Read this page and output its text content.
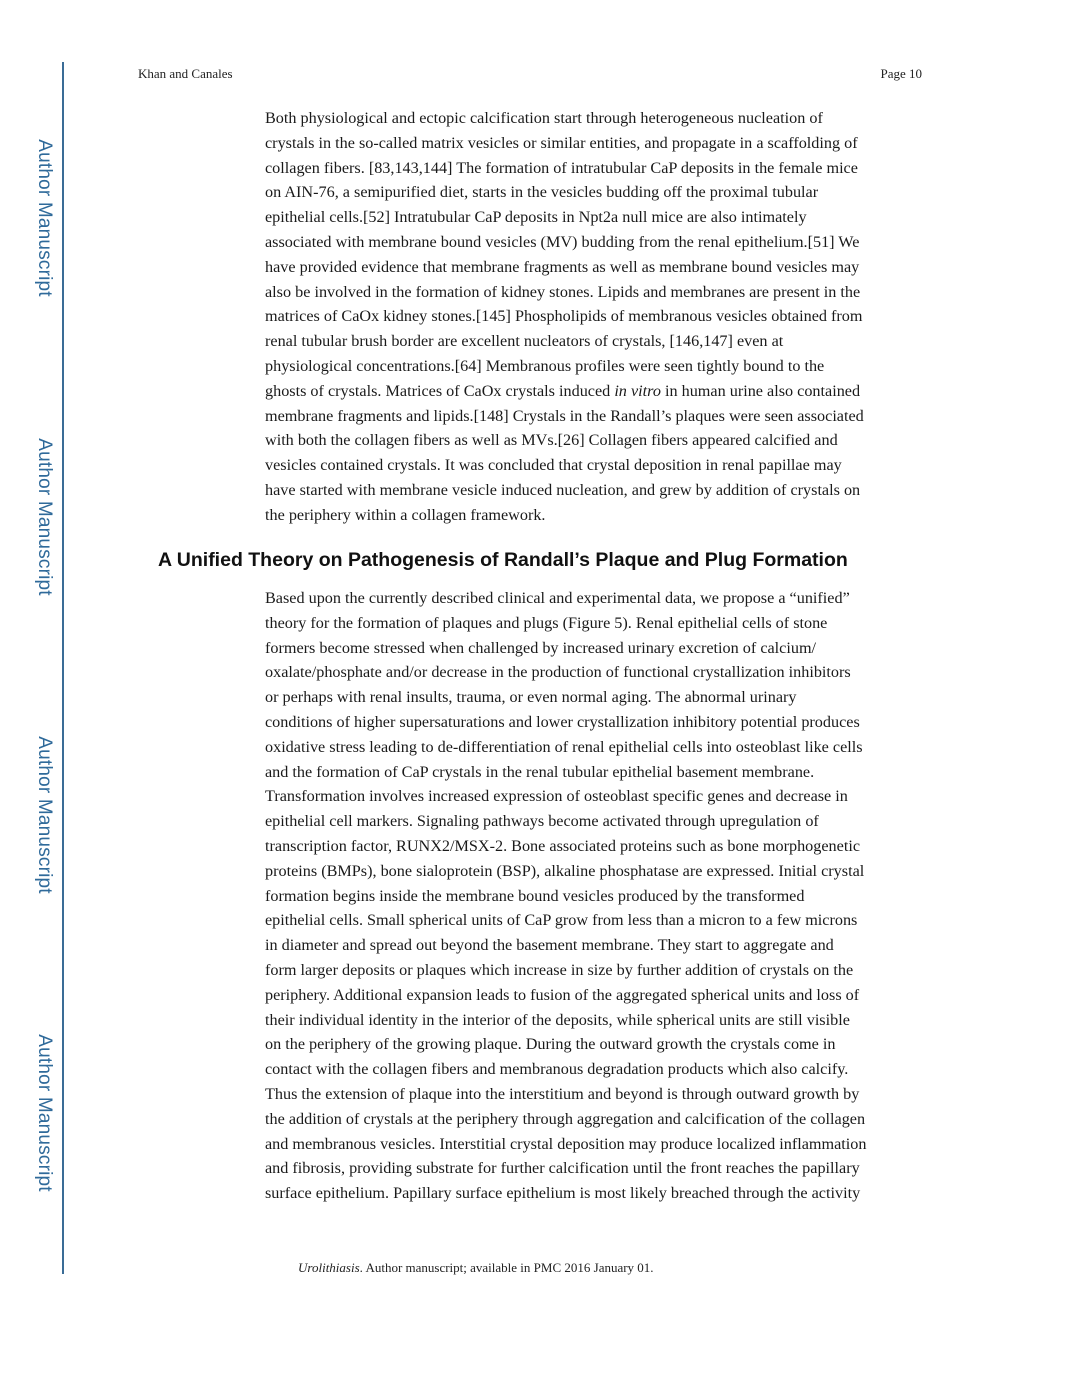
Author Manuscript
Author Manuscript
Author Manuscript
Author Manuscript
Khan and Canales	Page 10
Both physiological and ectopic calcification start through heterogeneous nucleation of
crystals in the so-called matrix vesicles or similar entities, and propagate in a scaffolding of
collagen fibers. [83,143,144] The formation of intratubular CaP deposits in the female mice
on AIN-76, a semipurified diet, starts in the vesicles budding off the proximal tubular
epithelial cells.[52] Intratubular CaP deposits in Npt2a null mice are also intimately
associated with membrane bound vesicles (MV) budding from the renal epithelium.[51] We
have provided evidence that membrane fragments as well as membrane bound vesicles may
also be involved in the formation of kidney stones. Lipids and membranes are present in the
matrices of CaOx kidney stones.[145] Phospholipids of membranous vesicles obtained from
renal tubular brush border are excellent nucleators of crystals, [146,147] even at
physiological concentrations.[64] Membranous profiles were seen tightly bound to the
ghosts of crystals. Matrices of CaOx crystals induced in vitro in human urine also contained
membrane fragments and lipids.[148] Crystals in the Randall’s plaques were seen associated
with both the collagen fibers as well as MVs.[26] Collagen fibers appeared calcified and
vesicles contained crystals. It was concluded that crystal deposition in renal papillae may
have started with membrane vesicle induced nucleation, and grew by addition of crystals on
the periphery within a collagen framework.
A Unified Theory on Pathogenesis of Randall’s Plaque and Plug Formation
Based upon the currently described clinical and experimental data, we propose a “unified”
theory for the formation of plaques and plugs (Figure 5). Renal epithelial cells of stone
formers become stressed when challenged by increased urinary excretion of calcium/
oxalate/phosphate and/or decrease in the production of functional crystallization inhibitors
or perhaps with renal insults, trauma, or even normal aging. The abnormal urinary
conditions of higher supersaturations and lower crystallization inhibitory potential produces
oxidative stress leading to de-differentiation of renal epithelial cells into osteoblast like cells
and the formation of CaP crystals in the renal tubular epithelial basement membrane.
Transformation involves increased expression of osteoblast specific genes and decrease in
epithelial cell markers. Signaling pathways become activated through upregulation of
transcription factor, RUNX2/MSX-2. Bone associated proteins such as bone morphogenetic
proteins (BMPs), bone sialoprotein (BSP), alkaline phosphatase are expressed. Initial crystal
formation begins inside the membrane bound vesicles produced by the transformed
epithelial cells. Small spherical units of CaP grow from less than a micron to a few microns
in diameter and spread out beyond the basement membrane. They start to aggregate and
form larger deposits or plaques which increase in size by further addition of crystals on the
periphery. Additional expansion leads to fusion of the aggregated spherical units and loss of
their individual identity in the interior of the deposits, while spherical units are still visible
on the periphery of the growing plaque. During the outward growth the crystals come in
contact with the collagen fibers and membranous degradation products which also calcify.
Thus the extension of plaque into the interstitium and beyond is through outward growth by
the addition of crystals at the periphery through aggregation and calcification of the collagen
and membranous vesicles. Interstitial crystal deposition may produce localized inflammation
and fibrosis, providing substrate for further calcification until the front reaches the papillary
surface epithelium. Papillary surface epithelium is most likely breached through the activity
Urolithiasis. Author manuscript; available in PMC 2016 January 01.
